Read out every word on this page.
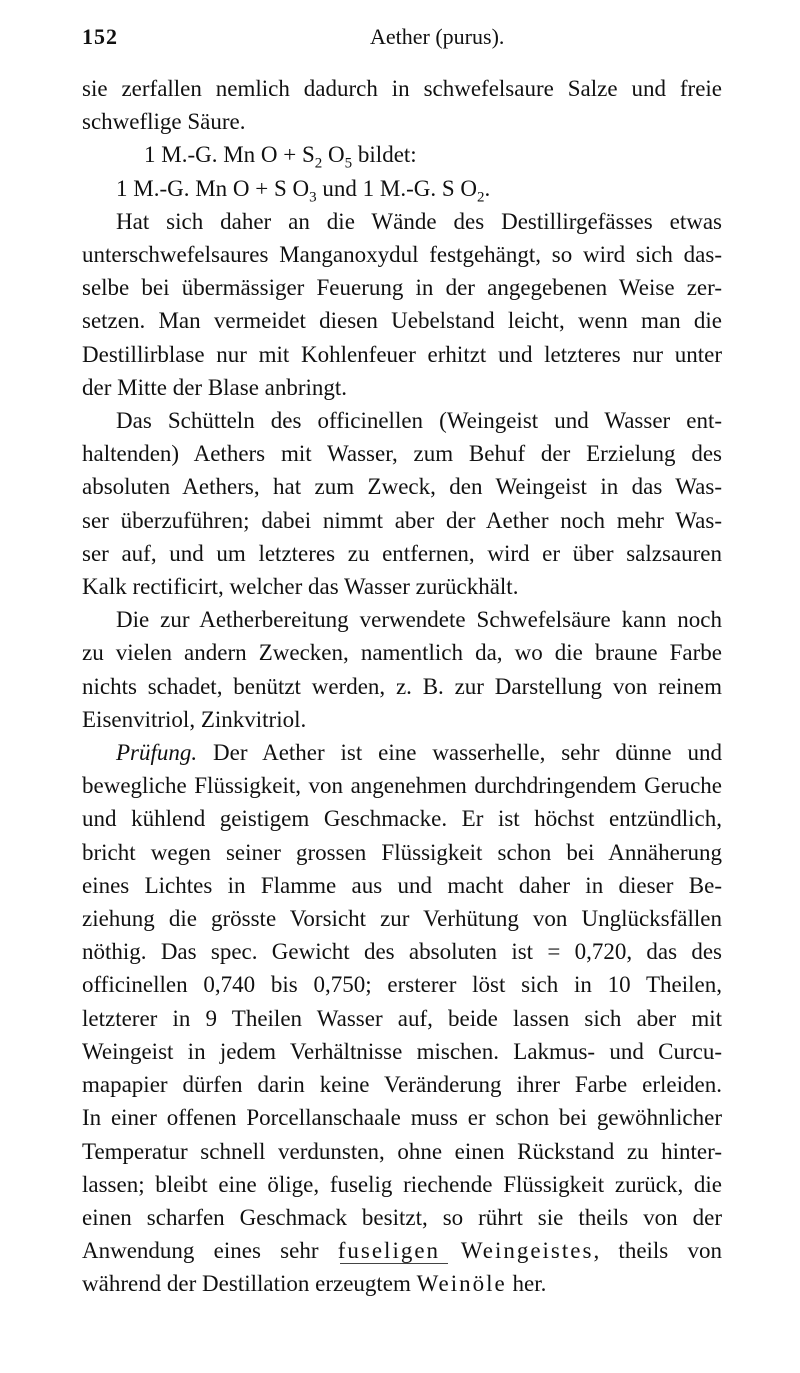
152	Aether (purus).
sie zerfallen nemlich dadurch in schwefelsaure Salze und freie
schweflige Säure.
1 M.-G. Mn $O + S_2$ $O_5$ bildet:
1 M.-G. Mn O + S $O_3$ und 1 M.-G. S $O_2$.
Hat sich daher an die Wände des Destillirgefässes etwas
unterschwefelsaures Manganoxydul festgehängt, so wird sich das-
selbe bei übermässiger Feuerung in der angegebenen Weise zer-
setzen. Man vermeidet diesen Uebelstand leicht, wenn man die
Destillirblase nur mit Kohlenfeuer erhitzt und letzteres nur unter
der Mitte der Blase anbringt.
Das Schütteln des officinellen (Weingeist und Wasser ent-
haltenden) Aethers mit Wasser, zum Behuf der Erzielung des
absoluten Aethers, hat zum Zweck, den Weingeist in das Was-
ser überzuführen; dabei nimmt aber der Aether noch mehr Was-
ser auf, und um letzteres zu entfernen, wird er über salzsauren
Kalk rectificirt, welcher das Wasser zurückhält.
Die zur Aetherbereitung verwendete Schwefelsäure kann noch
zu vielen andern Zwecken, namentlich da, wo die braune Farbe
nichts schadet, benützt werden, z. B. zur Darstellung von reinem
Eisenvitriol, Zinkvitriol.
Prüfung. Der Aether ist eine wasserhelle, sehr dünne und
bewegliche Flüssigkeit, von angenehmen durchdringendem Geruche
und kühlend geistigem Geschmacke. Er ist höchst entzündlich,
bricht wegen seiner grossen Flüssigkeit schon bei Annäherung
eines Lichtes in Flamme aus und macht daher in dieser Be-
ziehung die grösste Vorsicht zur Verhütung von Unglücksfällen
nöthig. Das spec. Gewicht des absoluten ist = 0,720, das des
officinellen 0,740 bis 0,750; ersterer löst sich in 10 Theilen,
letzterer in 9 Theilen Wasser auf, beide lassen sich aber mit
Weingeist in jedem Verhältnisse mischen. Lakmus- und Curcu-
mapapier dürfen darin keine Veränderung ihrer Farbe erleiden.
In einer offenen Porcellanschaale muss er schon bei gewöhnlicher
Temperatur schnell verdunsten, ohne einen Rückstand zu hinter-
lassen; bleibt eine ölige, fuselig riechende Flüssigkeit zurück, die
einen scharfen Geschmack besitzt, so rührt sie theils von der
Anwendung eines sehr fuseligen Weingeistes, theils von
während der Destillation erzeugtem Weinöle her.
